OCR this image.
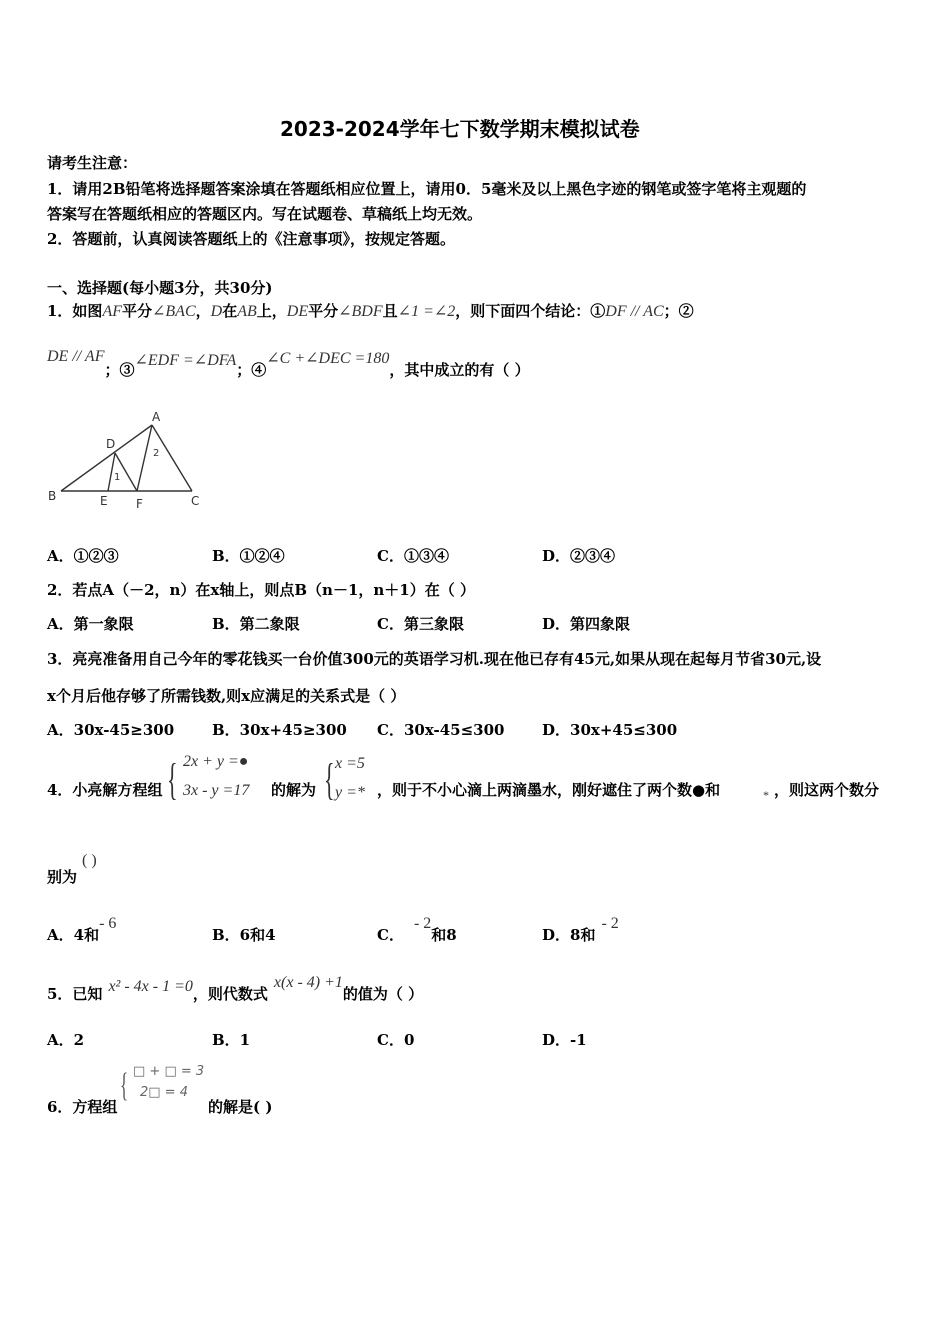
2023-2024学年七下数学期末模拟试卷
请考生注意：
1．请用2B铅笔将选择题答案涂填在答题纸相应位置上，请用0．5毫米及以上黑色字迹的钢笔或签字笔将主观题的
答案写在答题纸相应的答题区内。写在试题卷、草稿纸上均无效。
2．答题前，认真阅读答题纸上的《注意事项》，按规定答题。
一、选择题(每小题3分，共30分)
1．如图AF平分∠BAC，D在AB上，DE平分∠BDF且∠1 =∠2，则下面四个结论：①DF // AC；②
DE // AF；③∠EDF =∠DFA；④∠C +∠DEC =180，其中成立的有（ ）
A
B	C
D
E F
1
2
A．①②③	B．①②④	C．①③④	D．②③④
2．若点A（－2，n）在x轴上，则点B（n－1，n＋1）在（ ）
A．第一象限	B．第二象限	C．第三象限	D．第四象限
3．亮亮准备用自己今年的零花钱买一台价值300元的英语学习机.现在他已存有45元,如果从现在起每月节省30元,设
x个月后他存够了所需钱数,则x应满足的关系式是（ ）
A．30x-45≥300	B．30x+45≥300 C．30x-45≤300	D．30x+45≤300
4．小亮解方程组 { 2x + y =●
3x - y =17 的解为 { x =5
y =* ，则于不小心滴上两滴墨水，刚好遮住了两个数●和	* ，则这两个数分
别为
( )
A．4和- 6
B．6和4	C．- 2和8	D．8和- 2
5．已知 x² - 4x - 1 =0，则代数式x(x - 4) +1的值为（ ）
A．2	B．1	C．0	D．-1
6．方程组
{ □ + □ = 3
2□ = 4
的解是( )
